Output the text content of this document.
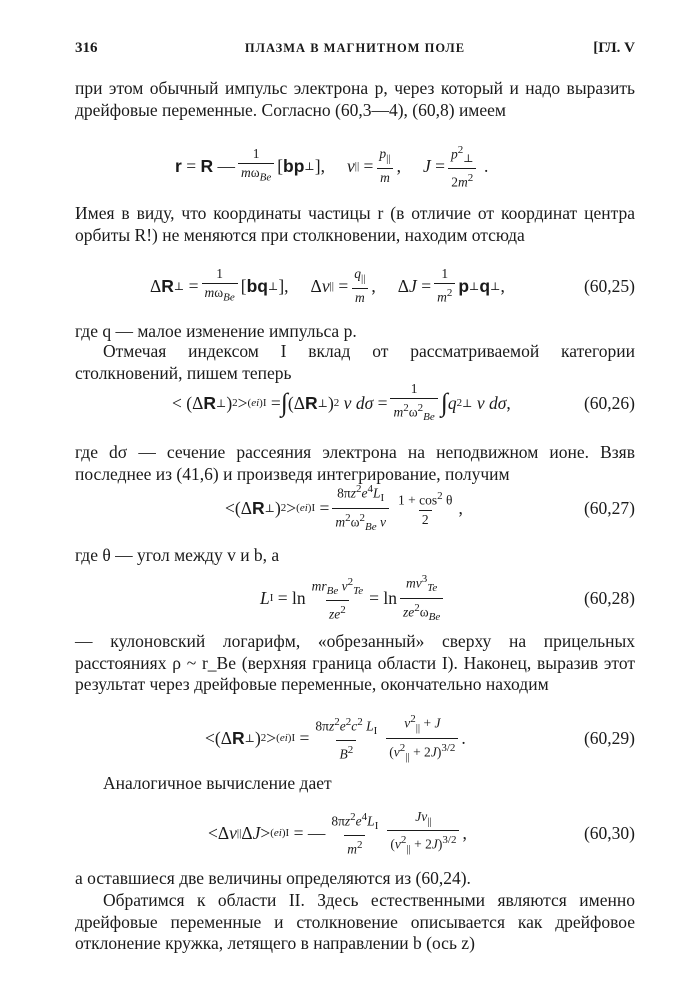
316	ПЛАЗМА В МАГНИТНОМ ПОЛЕ	[ГЛ. V
при этом обычный импульс электрона p, через который и надо выразить дрейфовые переменные. Согласно (60,3—4), (60,8) имеем
r = R — $\frac{1}{m\omega_{Be}}$ [ bp ⊥ ], v || = $\frac{p_{||}}{m}$ , $J = \frac{p^2_\perp}{2m^2}$ .
Имея в виду, что координаты частицы r (в отличие от координат центра орбиты R!) не меняются при столкновении, находим отсюда
Δ R ⊥ = $\frac{1}{m\omega_{Be}}$ [ bq ⊥ ],
Δ v || = $\frac{q_{||}}{m}$ ,
Δ $J = \frac{1}{m^2}$ p ⊥ q ⊥ ,	(60,25)
где q — малое изменение импульса p.
Отмечая индексом I вклад от рассматриваемой категории столкновений, пишем теперь
< (Δ R ⊥ ) 2 > (ei) I = ∫ (Δ R ⊥ ) 2
v $d\sigma = \frac{1}{m^2\omega^2_{Be}}$ ∫ q 2 ⊥
v dσ ,	(60,26)
где dσ — сечение рассеяния электрона на неподвижном ионе. Взяв последнее из (41,6) и произведя интегрирование, получим
<(Δ R ⊥ ) 2 > (ei) $I = \frac{8\pi z^2e^4L_I}{m^2\omega^2_{Be} v} \frac{1 + \cos^2 \theta}{2}$ ,	(60,27)
где θ — угол между v и b, а
L $I = \ln \frac{mr_{Be} v^2_{Te}}{ze^2} = \ln \frac{mv^3_{Te}}{ze^2\omega_{Be}}$	(60,28)
— кулоновский логарифм, «обрезанный» сверху на прицельных расстояниях ρ ~ r_Be (верхняя граница области I). Наконец, выразив этот результат через дрейфовые переменные, окончательно находим
<(Δ R ⊥ ) 2 > (ei) $I = \frac{8\pi z^2e^2c^2 L_I}{B^2} \frac{v^2_{||} + J}{(v^2_{||} + 2J)^{3/2}}$ .	(60,29)
Аналогичное вычисление дает
<Δ v || Δ J > (ei) I = — $\frac{8\pi z^2e^4L_I}{m^2} \frac{Jv_{||}}{(v^2_{||} + 2J)^{3/2}}$ ,	(60,30)
а оставшиеся две величины определяются из (60,24).
Обратимся к области II. Здесь естественными являются именно дрейфовые переменные и столкновение описывается как дрейфовое отклонение кружка, летящего в направлении b (ось z)
